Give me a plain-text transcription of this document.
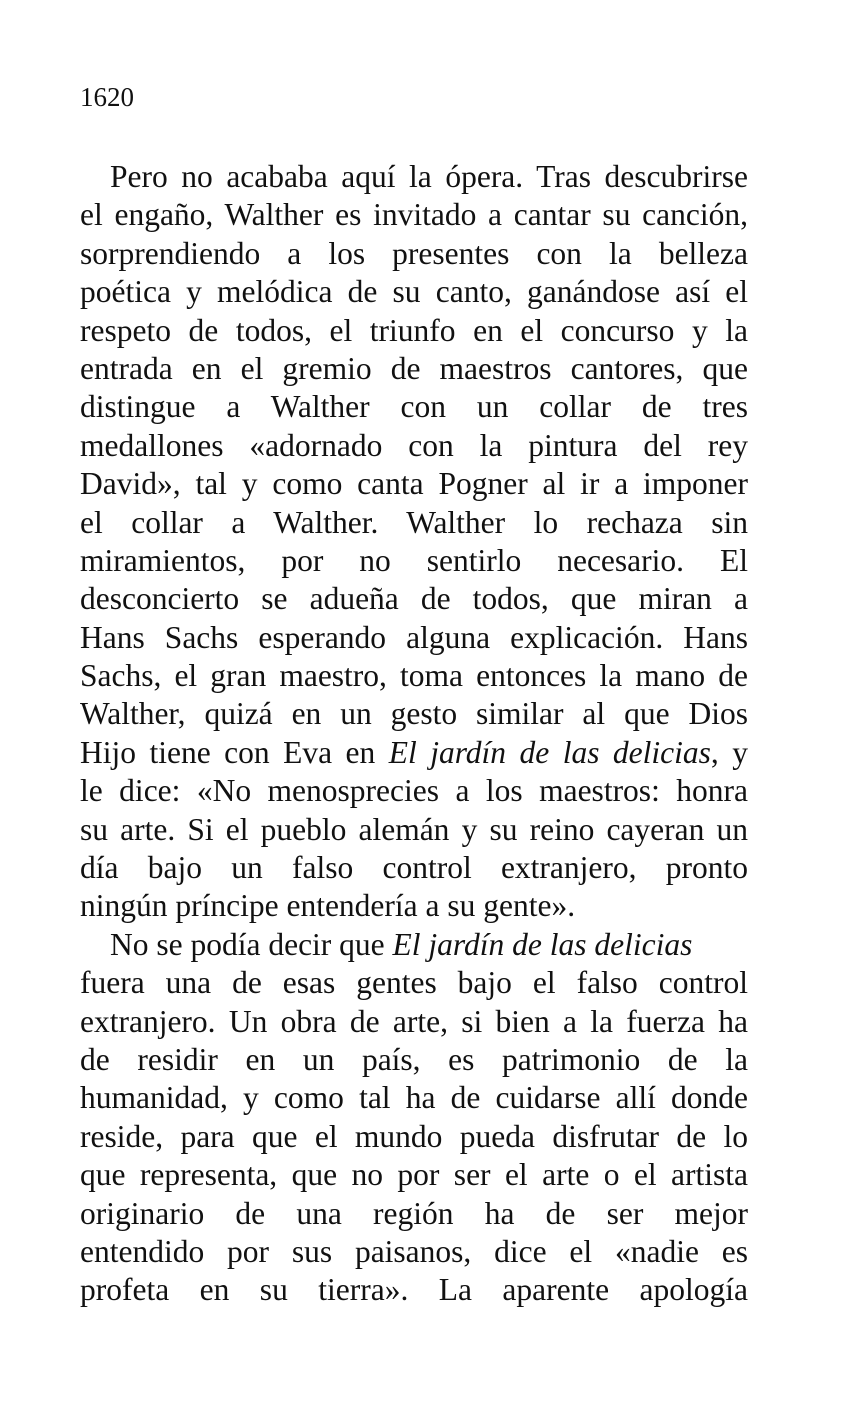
1620
Pero no acababa aquí la ópera. Tras descubrirse
el engaño, Walther es invitado a cantar su canción,
sorprendiendo a los presentes con la belleza
poética y melódica de su canto, ganándose así el
respeto de todos, el triunfo en el concurso y la
entrada en el gremio de maestros cantores, que
distingue a Walther con un collar de tres
medallones «adornado con la pintura del rey
David», tal y como canta Pogner al ir a imponer
el collar a Walther. Walther lo rechaza sin
miramientos, por no sentirlo necesario. El
desconcierto se adueña de todos, que miran a
Hans Sachs esperando alguna explicación. Hans
Sachs, el gran maestro, toma entonces la mano de
Walther, quizá en un gesto similar al que Dios
Hijo tiene con Eva en El jardín de las delicias, y
le dice: «No menosprecies a los maestros: honra
su arte. Si el pueblo alemán y su reino cayeran un
día bajo un falso control extranjero, pronto
ningún príncipe entendería a su gente».
No se podía decir que El jardín de las delicias
fuera una de esas gentes bajo el falso control
extranjero. Un obra de arte, si bien a la fuerza ha
de residir en un país, es patrimonio de la
humanidad, y como tal ha de cuidarse allí donde
reside, para que el mundo pueda disfrutar de lo
que representa, que no por ser el arte o el artista
originario de una región ha de ser mejor
entendido por sus paisanos, dice el «nadie es
profeta en su tierra». La aparente apología
